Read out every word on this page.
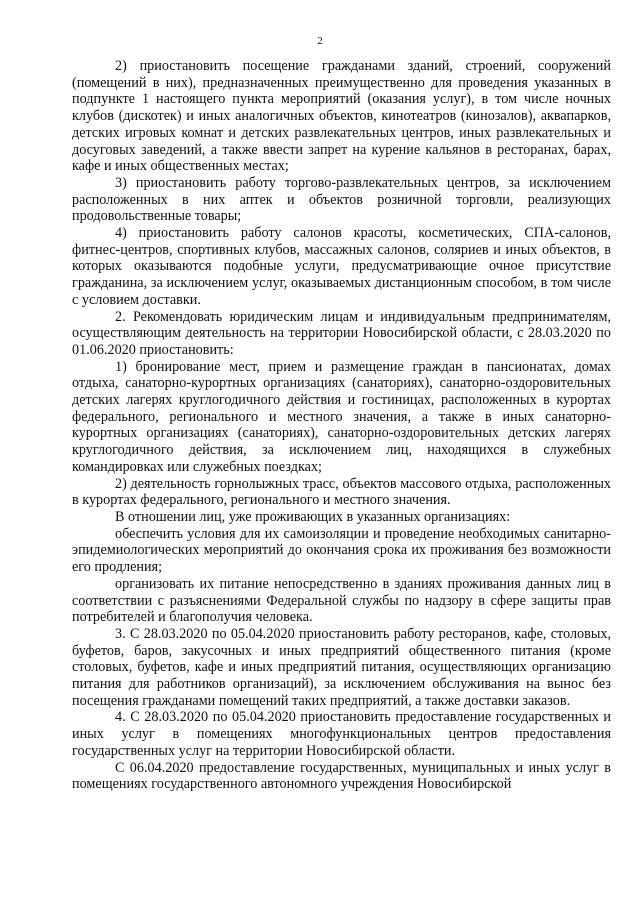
2

2) приостановить посещение гражданами зданий, строений, сооружений (помещений в них), предназначенных преимущественно для проведения указанных в подпункте 1 настоящего пункта мероприятий (оказания услуг), в том числе ночных клубов (дискотек) и иных аналогичных объектов, кинотеатров (кинозалов), аквапарков, детских игровых комнат и детских развлекательных центров, иных развлекательных и досуговых заведений, а также ввести запрет на курение кальянов в ресторанах, барах, кафе и иных общественных местах;

3) приостановить работу торгово-развлекательных центров, за исключением расположенных в них аптек и объектов розничной торговли, реализующих продовольственные товары;

4) приостановить работу салонов красоты, косметических, СПА-салонов, фитнес-центров, спортивных клубов, массажных салонов, соляриев и иных объектов, в которых оказываются подобные услуги, предусматривающие очное присутствие гражданина, за исключением услуг, оказываемых дистанционным способом, в том числе с условием доставки.

2. Рекомендовать юридическим лицам и индивидуальным предпринимателям, осуществляющим деятельность на территории Новосибирской области, с 28.03.2020 по 01.06.2020 приостановить:

1) бронирование мест, прием и размещение граждан в пансионатах, домах отдыха, санаторно-курортных организациях (санаториях), санаторно-оздоровительных детских лагерях круглогодичного действия и гостиницах, расположенных в курортах федерального, регионального и местного значения, а также в иных санаторно-курортных организациях (санаториях), санаторно-оздоровительных детских лагерях круглогодичного действия, за исключением лиц, находящихся в служебных командировках или служебных поездках;

2) деятельность горнолыжных трасс, объектов массового отдыха, расположенных в курортах федерального, регионального и местного значения.

В отношении лиц, уже проживающих в указанных организациях:

обеспечить условия для их самоизоляции и проведение необходимых санитарно-эпидемиологических мероприятий до окончания срока их проживания без возможности его продления;

организовать их питание непосредственно в зданиях проживания данных лиц в соответствии с разъяснениями Федеральной службы по надзору в сфере защиты прав потребителей и благополучия человека.

3. С 28.03.2020 по 05.04.2020 приостановить работу ресторанов, кафе, столовых, буфетов, баров, закусочных и иных предприятий общественного питания (кроме столовых, буфетов, кафе и иных предприятий питания, осуществляющих организацию питания для работников организаций), за исключением обслуживания на вынос без посещения гражданами помещений таких предприятий, а также доставки заказов.

4. С 28.03.2020 по 05.04.2020 приостановить предоставление государственных и иных услуг в помещениях многофункциональных центров предоставления государственных услуг на территории Новосибирской области.

С 06.04.2020 предоставление государственных, муниципальных и иных услуг в помещениях государственного автономного учреждения Новосибирской
